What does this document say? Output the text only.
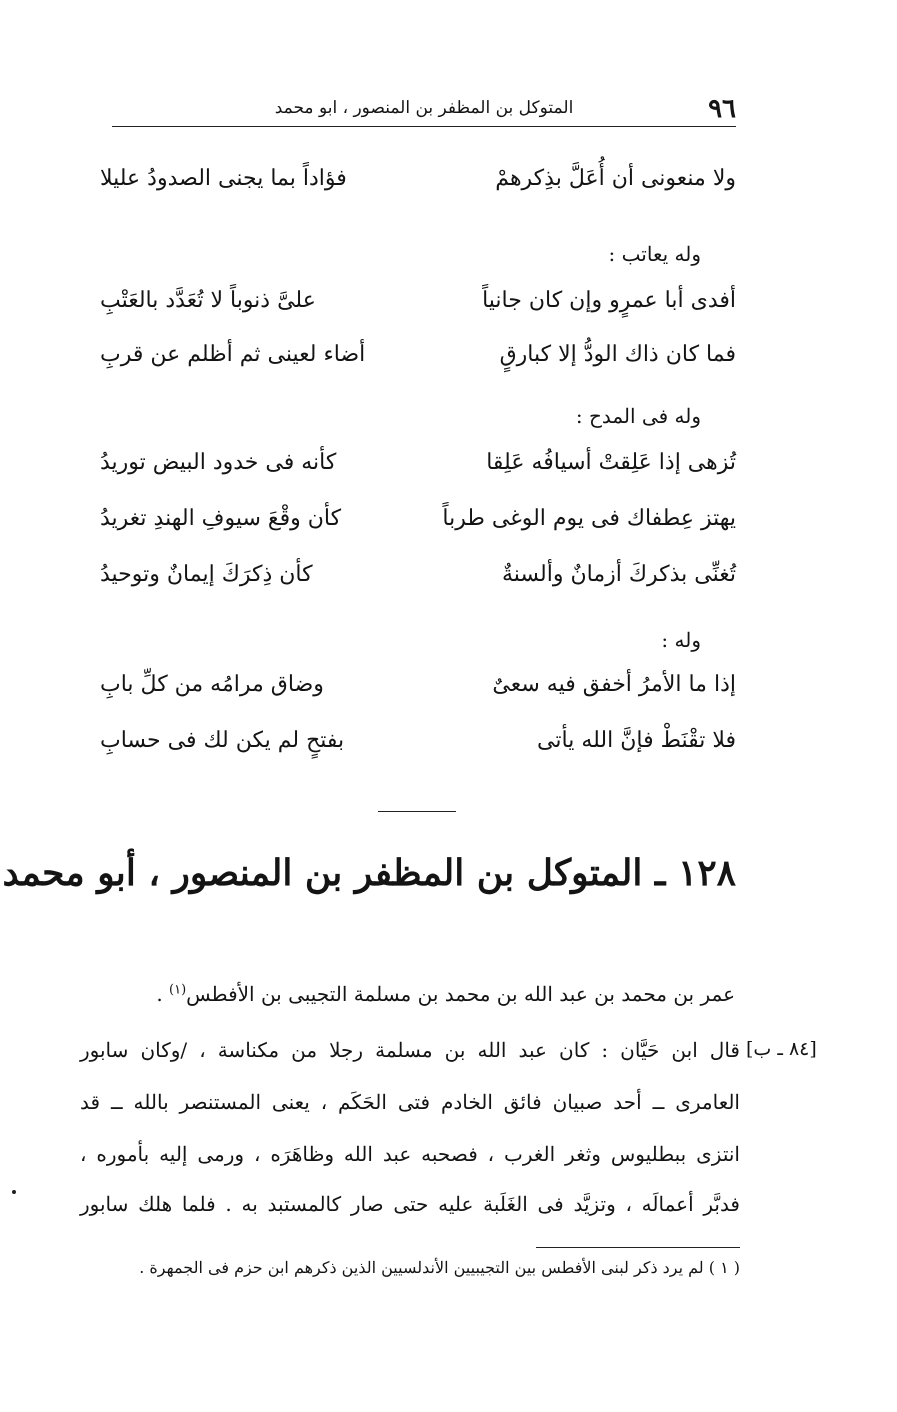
٩٦
المتوكل بن المظفر بن المنصور ، ابو محمد
ولا منعونى أن أُعَلَّ بذِكرهمْ
فؤاداً بما يجنى الصدودُ عليلا
وله يعاتب :
أفدى أبا عمرٍو وإن كان جانياً
علىَّ ذنوباً لا تُعَدَّد بالعَتْبِ
فما كان ذاك الودُّ إلا كبارقٍ
أضاء لعينى ثم أظلم عن قربِ
وله فى المدح :
تُزهى إذا عَلِقتْ أسيافُه عَلِقا
كأنه فى خدود البيض توريدُ
يهتز عِطفاك فى يوم الوغى طرباً
كأن وقْعَ سيوفِ الهندِ تغريدُ
تُغنِّى بذكركَ أزمانٌ وألسنةٌ
كأن ذِكرَكَ إيمانٌ وتوحيدُ
وله :
إذا ما الأمرُ أخفق فيه سعىٌ
وضاق مرامُه من كلِّ بابِ
فلا تقْنَطْ فإنَّ الله يأتى
بفتحٍ لم يكن لك فى حسابِ
١٢٨ ـ المتوكل بن المظفر بن المنصور ، أبو محمد
عمر بن محمد بن عبد الله بن محمد بن مسلمة التجيبى بن الأفطس$^{(١)}$ .
[٨٤ ـ ب]
قال ابن حَيَّان : كان عبد الله بن مسلمة رجلا من مكناسة ، /وكان سابور
العامرى ــ أحد صبيان فائق الخادم فتى الحَكَم ، يعنى المستنصر بالله ــ قد
انتزى ببطليوس وثغر الغرب ، فصحبه عبد الله وظاهَرَه ، ورمى إليه بأموره ،
فدبَّر أعمالَه ، وتزيَّد فى الغَلَبة عليه حتى صار كالمستبد به . فلما هلك سابور
( ١ ) لم يرد ذكر لبنى الأفطس بين التجيبيين الأندلسيين الذين ذكرهم ابن حزم فى الجمهرة .
